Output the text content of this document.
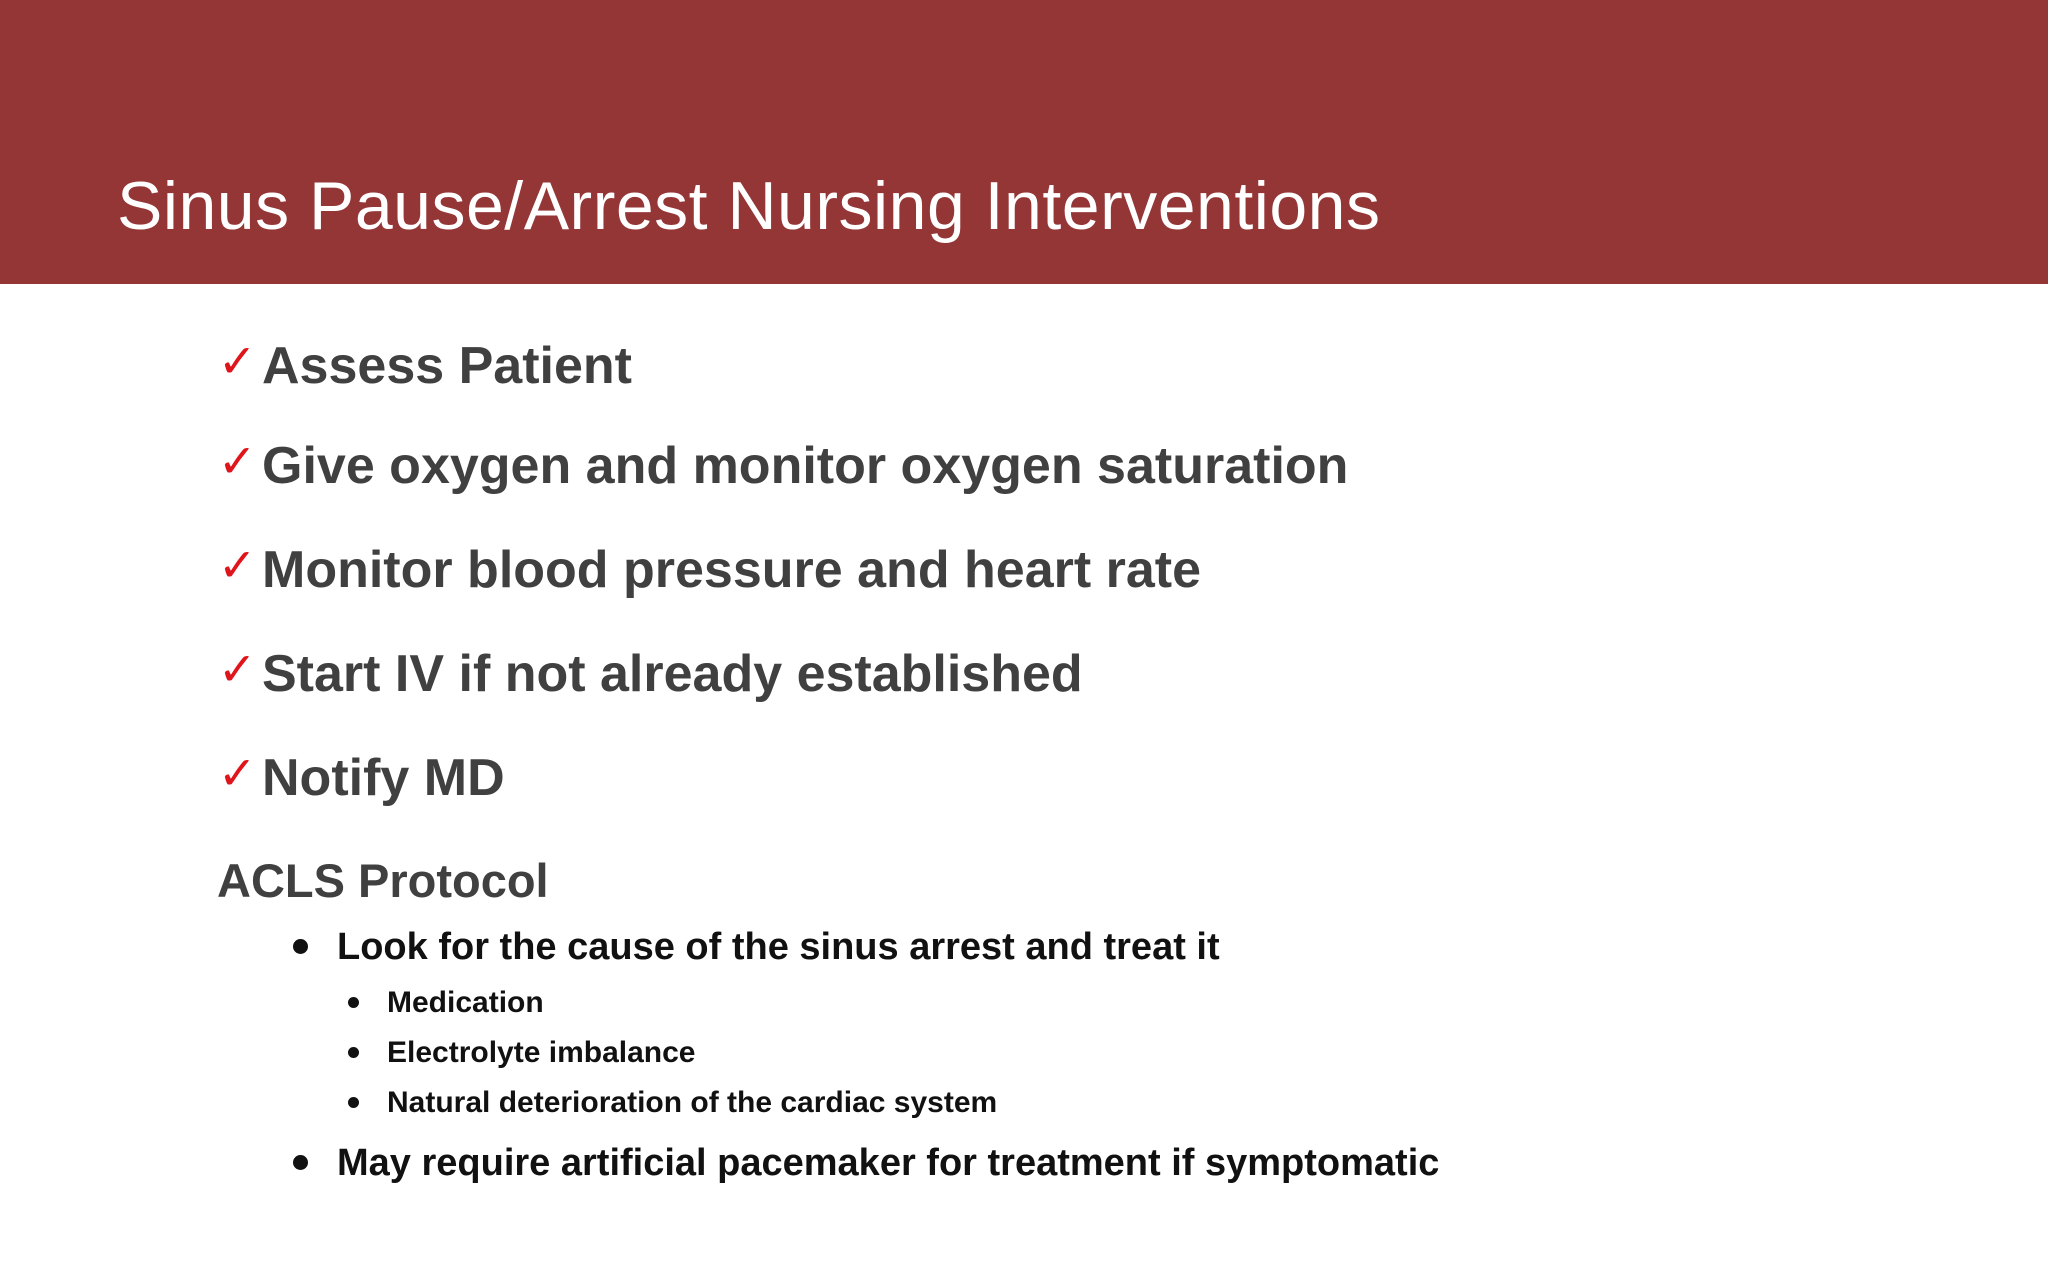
Sinus Pause/Arrest Nursing Interventions
✓ Assess Patient
✓ Give oxygen and monitor oxygen saturation
✓ Monitor blood pressure and heart rate
✓ Start IV if not already established
✓ Notify MD
ACLS Protocol
Look for the cause of the sinus arrest and treat it
Medication
Electrolyte imbalance
Natural deterioration of the cardiac system
May require artificial pacemaker for treatment if symptomatic
